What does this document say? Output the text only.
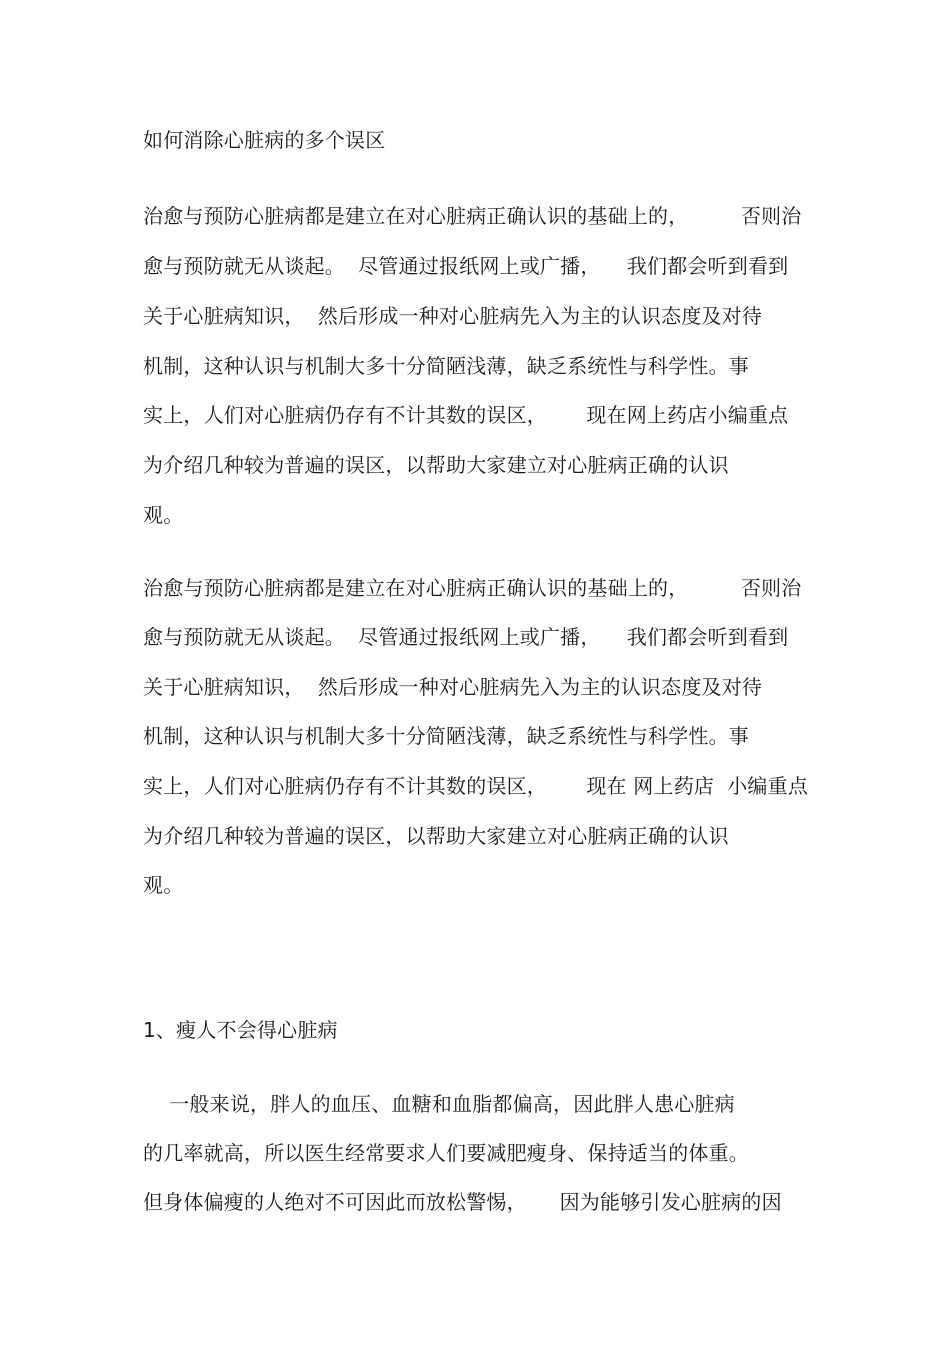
如何消除心脏病的多个误区
治愈与预防心脏病都是建立在对心脏病正确认识的基础上的，        否则治
愈与预防就无从谈起。  尽管通过报纸网上或广播，    我们都会听到看到
关于心脏病知识，  然后形成一种对心脏病先入为主的认识态度及对待
机制，这种认识与机制大多十分简陋浅薄，缺乏系统性与科学性。事
实上，人们对心脏病仍存有不计其数的误区，      现在网上药店小编重点
为介绍几种较为普遍的误区，以帮助大家建立对心脏病正确的认识
观。
治愈与预防心脏病都是建立在对心脏病正确认识的基础上的，        否则治
愈与预防就无从谈起。  尽管通过报纸网上或广播，    我们都会听到看到
关于心脏病知识，  然后形成一种对心脏病先入为主的认识态度及对待
机制，这种认识与机制大多十分简陋浅薄，缺乏系统性与科学性。事
实上，人们对心脏病仍存有不计其数的误区，      现在 网上药店  小编重点
为介绍几种较为普遍的误区，以帮助大家建立对心脏病正确的认识
观。
1、瘦人不会得心脏病
一般来说，胖人的血压、血糖和血脂都偏高，因此胖人患心脏病
的几率就高，所以医生经常要求人们要减肥瘦身、保持适当的体重。
但身体偏瘦的人绝对不可因此而放松警惕，     因为能够引发心脏病的因
